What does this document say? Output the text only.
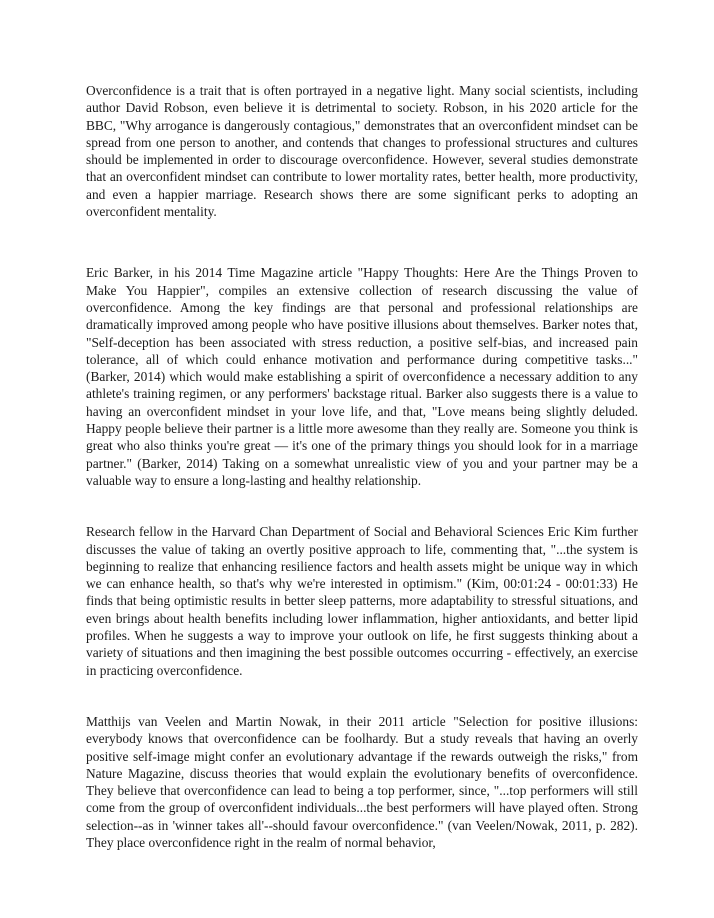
Overconfidence is a trait that is often portrayed in a negative light. Many social scientists, including author David Robson, even believe it is detrimental to society. Robson, in his 2020 article for the BBC, "Why arrogance is dangerously contagious," demonstrates that an overconfident mindset can be spread from one person to another, and contends that changes to professional structures and cultures should be implemented in order to discourage overconfidence. However, several studies demonstrate that an overconfident mindset can contribute to lower mortality rates, better health, more productivity, and even a happier marriage. Research shows there are some significant perks to adopting an overconfident mentality.

Eric Barker, in his 2014 Time Magazine article "Happy Thoughts: Here Are the Things Proven to Make You Happier", compiles an extensive collection of research discussing the value of overconfidence. Among the key findings are that personal and professional relationships are dramatically improved among people who have positive illusions about themselves. Barker notes that, "Self-deception has been associated with stress reduction, a positive self-bias, and increased pain tolerance, all of which could enhance motivation and performance during competitive tasks..." (Barker, 2014) which would make establishing a spirit of overconfidence a necessary addition to any athlete's training regimen, or any performers' backstage ritual. Barker also suggests there is a value to having an overconfident mindset in your love life, and that, "Love means being slightly deluded. Happy people believe their partner is a little more awesome than they really are. Someone you think is great who also thinks you're great — it's one of the primary things you should look for in a marriage partner." (Barker, 2014) Taking on a somewhat unrealistic view of you and your partner may be a valuable way to ensure a long-lasting and healthy relationship.

Research fellow in the Harvard Chan Department of Social and Behavioral Sciences Eric Kim further discusses the value of taking an overtly positive approach to life, commenting that, "...the system is beginning to realize that enhancing resilience factors and health assets might be unique way in which we can enhance health, so that's why we're interested in optimism." (Kim, 00:01:24 - 00:01:33) He finds that being optimistic results in better sleep patterns, more adaptability to stressful situations, and even brings about health benefits including lower inflammation, higher antioxidants, and better lipid profiles. When he suggests a way to improve your outlook on life, he first suggests thinking about a variety of situations and then imagining the best possible outcomes occurring - effectively, an exercise in practicing overconfidence.

Matthijs van Veelen and Martin Nowak, in their 2011 article "Selection for positive illusions: everybody knows that overconfidence can be foolhardy. But a study reveals that having an overly positive self-image might confer an evolutionary advantage if the rewards outweigh the risks," from Nature Magazine, discuss theories that would explain the evolutionary benefits of overconfidence. They believe that overconfidence can lead to being a top performer, since, "...top performers will still come from the group of overconfident individuals...the best performers will have played often. Strong selection--as in 'winner takes all'--should favour overconfidence." (van Veelen/Nowak, 2011, p. 282). They place overconfidence right in the realm of normal behavior,
